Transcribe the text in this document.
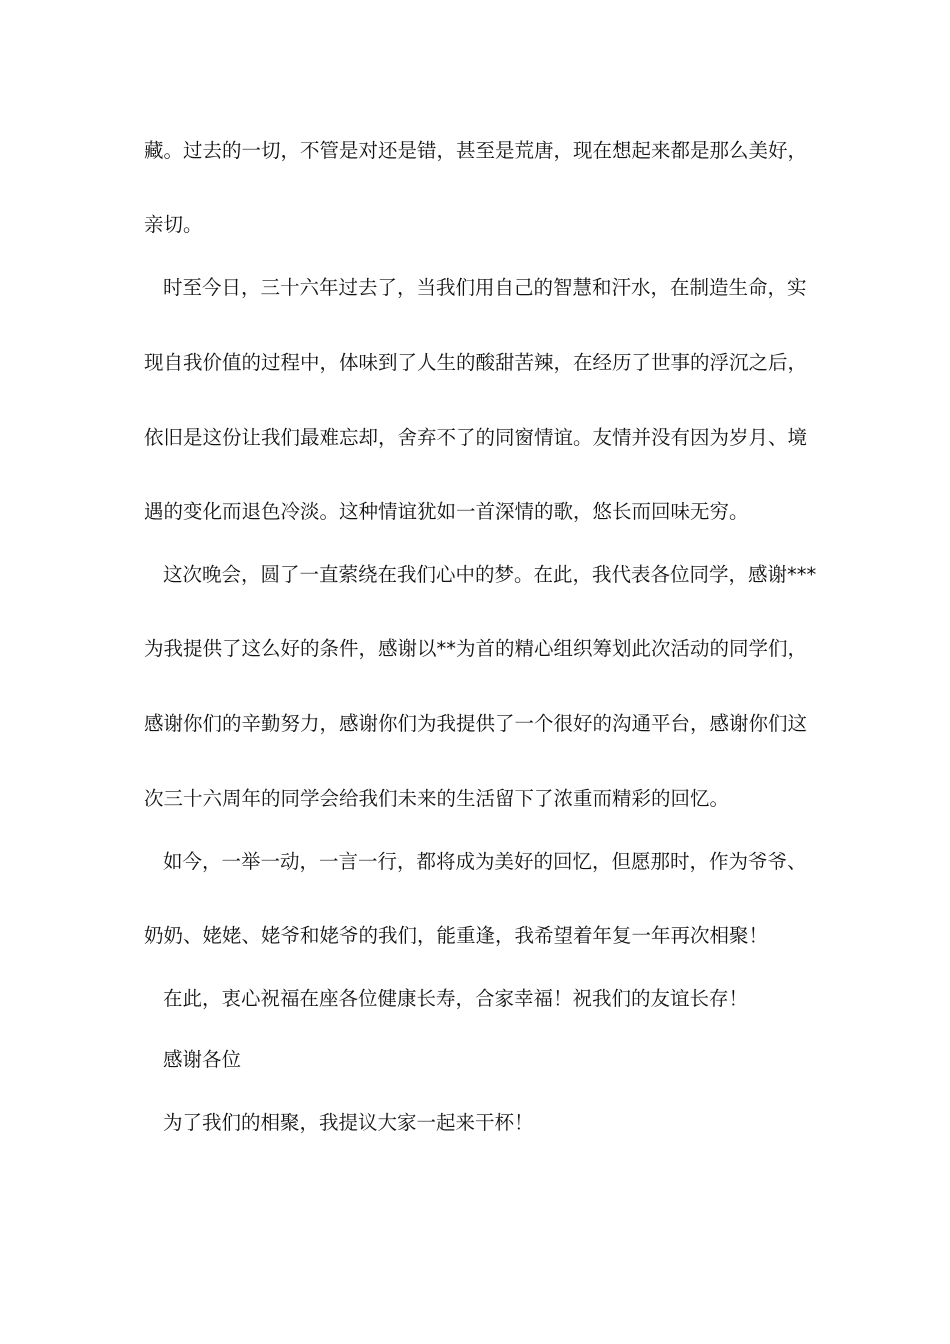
藏。过去的一切，不管是对还是错，甚至是荒唐，现在想起来都是那么美好，

亲切。

时至今日，三十六年过去了，当我们用自己的智慧和汗水，在制造生命，实

现自我价值的过程中，体味到了人生的酸甜苦辣，在经历了世事的浮沉之后，

依旧是这份让我们最难忘却，舍弃不了的同窗情谊。友情并没有因为岁月、境

遇的变化而退色冷淡。这种情谊犹如一首深情的歌，悠长而回味无穷。

这次晚会，圆了一直萦绕在我们心中的梦。在此，我代表各位同学，感谢***

为我提供了这么好的条件，感谢以**为首的精心组织筹划此次活动的同学们，

感谢你们的辛勤努力，感谢你们为我提供了一个很好的沟通平台，感谢你们这

次三十六周年的同学会给我们未来的生活留下了浓重而精彩的回忆。

如今，一举一动，一言一行，都将成为美好的回忆，但愿那时，作为爷爷、

奶奶、姥姥、姥爷和姥爷的我们，能重逢，我希望着年复一年再次相聚！

在此，衷心祝福在座各位健康长寿，合家幸福！祝我们的友谊长存！

感谢各位

为了我们的相聚，我提议大家一起来干杯！
